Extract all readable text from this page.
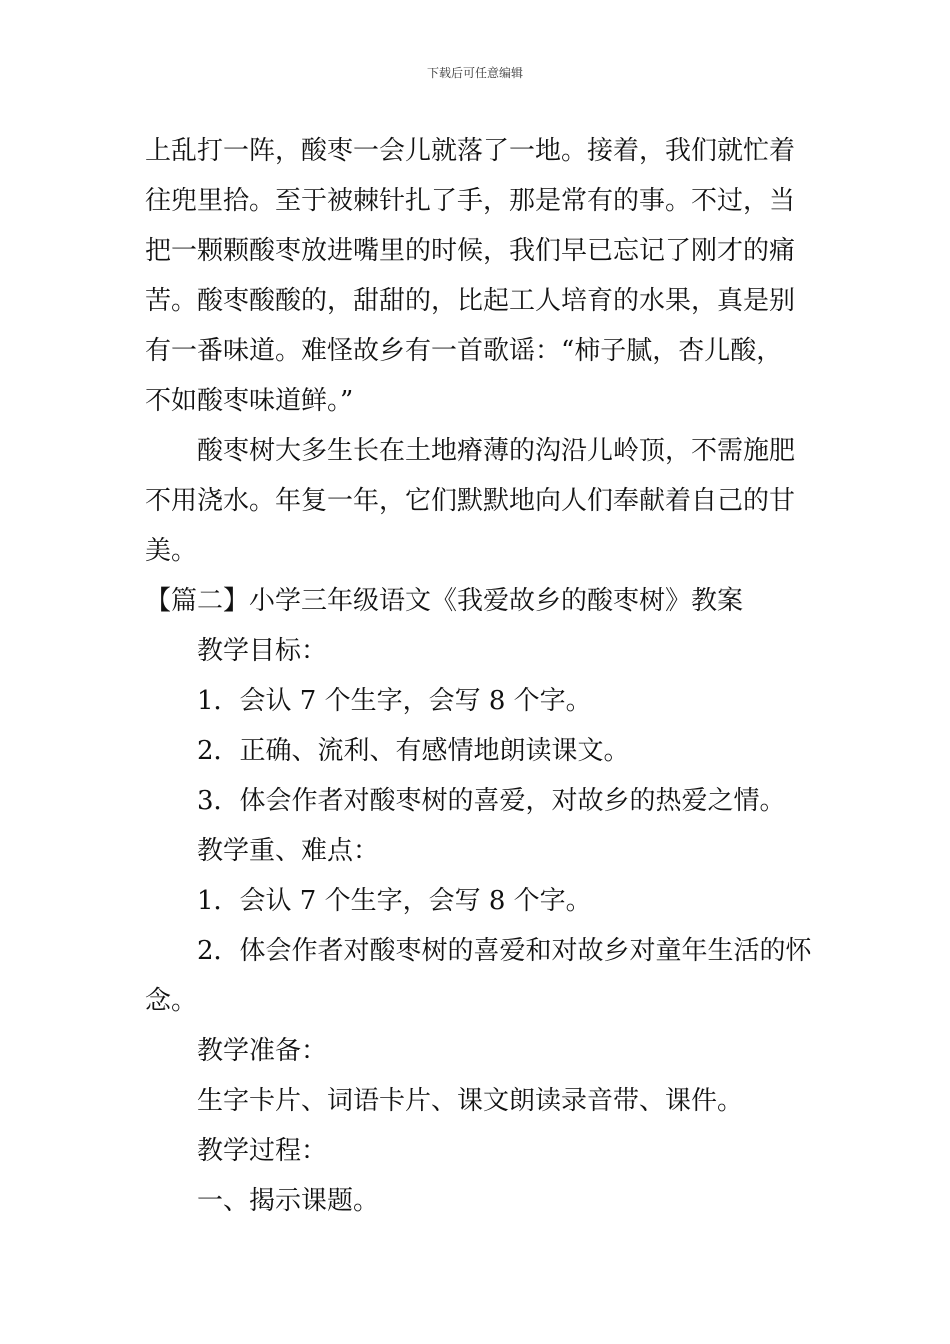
下载后可任意编辑
上乱打一阵，酸枣一会儿就落了一地。接着，我们就忙着
往兜里拾。至于被棘针扎了手，那是常有的事。不过，当
把一颗颗酸枣放进嘴里的时候，我们早已忘记了刚才的痛
苦。酸枣酸酸的，甜甜的，比起工人培育的水果，真是别
有一番味道。难怪故乡有一首歌谣：“柿子腻，杏儿酸，
不如酸枣味道鲜。”
酸枣树大多生长在土地瘠薄的沟沿儿岭顶，不需施肥
不用浇水。年复一年，它们默默地向人们奉献着自己的甘
美。
【篇二】小学三年级语文《我爱故乡的酸枣树》教案
教学目标：
1．会认 7 个生字，会写 8 个字。
2．正确、流利、有感情地朗读课文。
3．体会作者对酸枣树的喜爱，对故乡的热爱之情。
教学重、难点：
1．会认 7 个生字，会写 8 个字。
2．体会作者对酸枣树的喜爱和对故乡对童年生活的怀
念。
教学准备：
生字卡片、词语卡片、课文朗读录音带、课件。
教学过程：
一、揭示课题。
